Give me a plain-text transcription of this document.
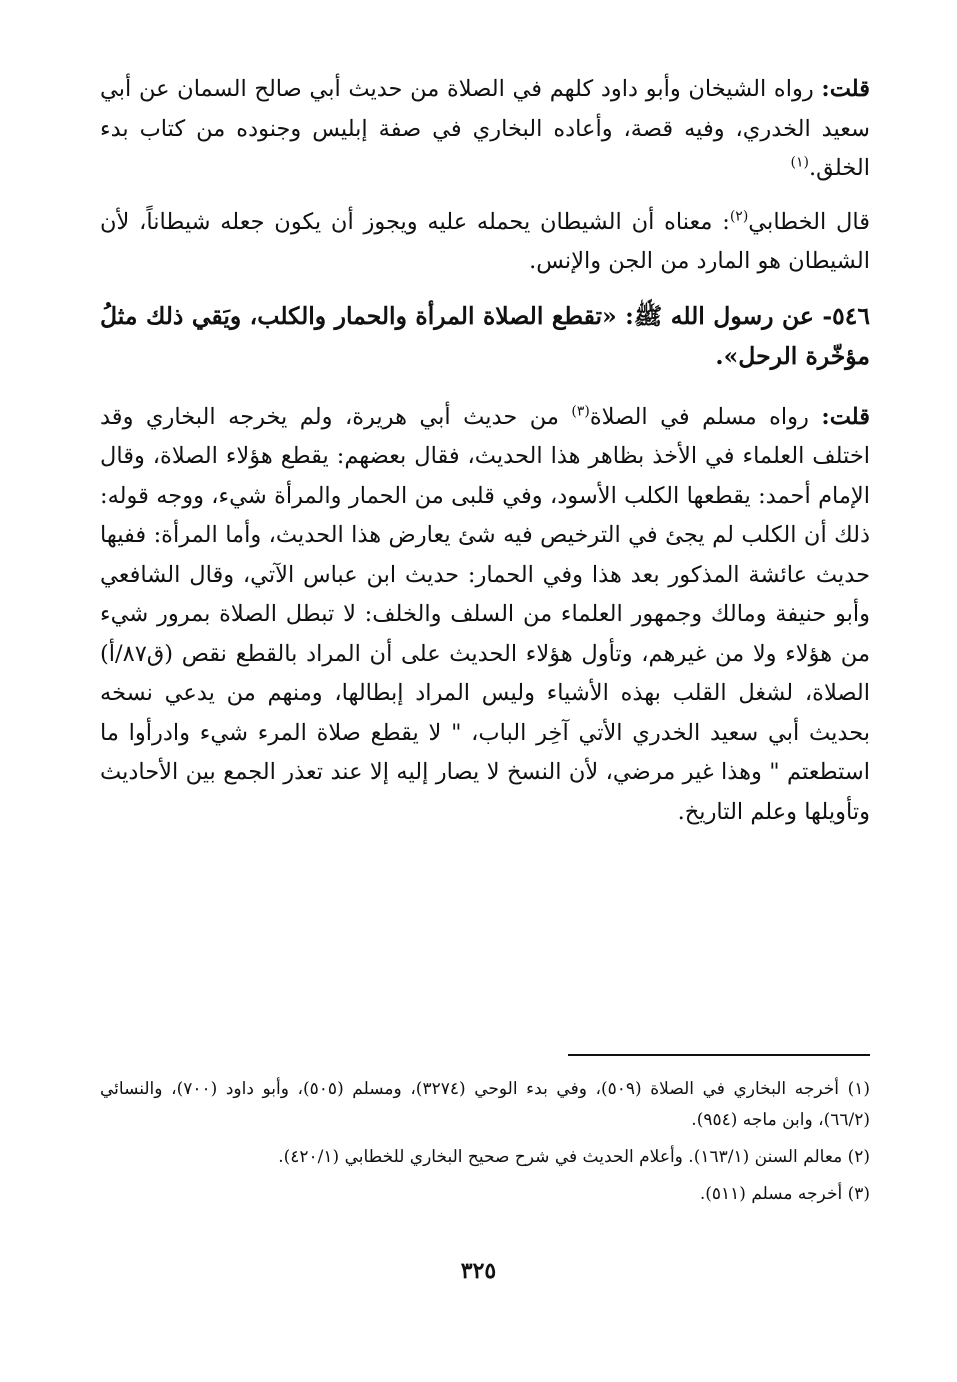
قلت: رواه الشيخان وأبو داود كلهم في الصلاة من حديث أبي صالح السمان عن أبي سعيد الخدري، وفيه قصة، وأعاده البخاري في صفة إبليس وجنوده من كتاب بدء الخلق.$^{(١)}$

قال الخطابي$^{(٢)}$: معناه أن الشيطان يحمله عليه ويجوز أن يكون جعله شيطاناً، لأن الشيطان هو المارد من الجن والإنس.

٥٤٦- عن رسول الله ﷺ: «تقطع الصلاة المرأة والحمار والكلب، ويَقي ذلك مثلُ مؤخّرة الرحل».

قلت: رواه مسلم في الصلاة$^{(٣)}$ من حديث أبي هريرة، ولم يخرجه البخاري وقد اختلف العلماء في الأخذ بظاهر هذا الحديث، فقال بعضهم: يقطع هؤلاء الصلاة، وقال الإمام أحمد: يقطعها الكلب الأسود، وفي قلبى من الحمار والمرأة شيء، ووجه قوله: ذلك أن الكلب لم يجئ في الترخيص فيه شئ يعارض هذا الحديث، وأما المرأة: ففيها حديث عائشة المذكور بعد هذا وفي الحمار: حديث ابن عباس الآتي، وقال الشافعي وأبو حنيفة ومالك وجمهور العلماء من السلف والخلف: لا تبطل الصلاة بمرور شيء من هؤلاء ولا من غيرهم، وتأول هؤلاء الحديث على أن المراد بالقطع نقص (ق٨٧/أ) الصلاة، لشغل القلب بهذه الأشياء وليس المراد إبطالها، ومنهم من يدعي نسخه بحديث أبي سعيد الخدري الأتي آخِر الباب، " لا يقطع صلاة المرء شيء وادرأوا ما استطعتم " وهذا غير مرضي، لأن النسخ لا يصار إليه إلا عند تعذر الجمع بين الأحاديث وتأويلها وعلم التاريخ.

(١) أخرجه البخاري في الصلاة (٥٠٩)، وفي بدء الوحي (٣٢٧٤)، ومسلم (٥٠٥)، وأبو داود (٧٠٠)، والنسائي (٦٦/٢)، وابن ماجه (٩٥٤).

(٢) معالم السنن (١٦٣/١). وأعلام الحديث في شرح صحيح البخاري للخطابي (٤٢٠/١).

(٣) أخرجه مسلم (٥١١).

٣٢٥
